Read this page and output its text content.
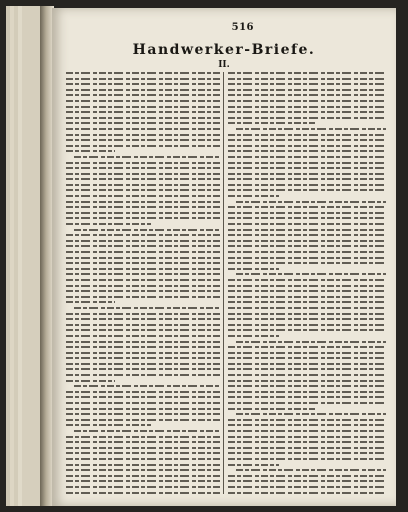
516
Handwerker-Briefe.
II.
